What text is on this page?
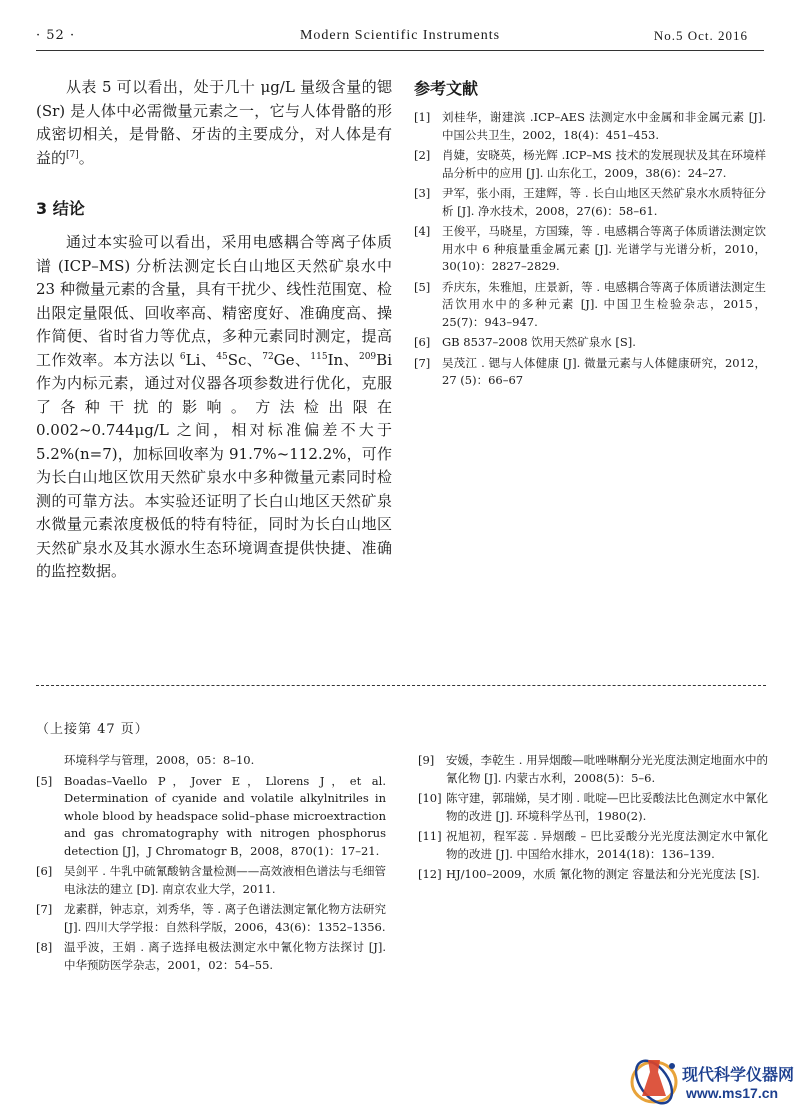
· 52 ·	Modern Scientific Instruments	No.5 Oct. 2016

从表 5 可以看出，处于几十 μg/L 量级含量的锶(Sr) 是人体中必需微量元素之一，它与人体骨骼的形成密切相关，是骨骼、牙齿的主要成分，对人体是有益的[7]。

3 结论

通过本实验可以看出，采用电感耦合等离子体质谱 (ICP–MS) 分析法测定长白山地区天然矿泉水中 23 种微量元素的含量，具有干扰少、线性范围宽、检出限定量限低、回收率高、精密度好、准确度高、操作简便、省时省力等优点，多种元素同时测定，提高工作效率。本方法以 $^6$Li、$^{45}$Sc、$^{72}$Ge、$^{115}$In、$^{209}$Bi 作为内标元素，通过对仪器各项参数进行优化，克服了各种干扰的影响。方法检出限在 0.002~0.744μg/L 之间，相对标准偏差不大于 5.2%(n=7)，加标回收率为 91.7%~112.2%，可作为长白山地区饮用天然矿泉水中多种微量元素同时检测的可靠方法。本实验还证明了长白山地区天然矿泉水微量元素浓度极低的特有特征，同时为长白山地区天然矿泉水及其水源水生态环境调查提供快捷、准确的监控数据。

参考文献
[1]	刘桂华，谢建滨 .ICP–AES 法测定水中金属和非金属元素 [J]. 中国公共卫生，2002，18(4)：451–453.
[2]	肖婕，安晓英，杨光辉 .ICP–MS 技术的发展现状及其在环境样品分析中的应用 [J]. 山东化工，2009，38(6)：24–27.
[3]	尹军，张小雨，王建辉，等 . 长白山地区天然矿泉水水质特征分析 [J]. 净水技术，2008，27(6)：58–61.
[4]	王俊平，马晓星，方国臻，等 . 电感耦合等离子体质谱法测定饮用水中 6 种痕量重金属元素 [J]. 光谱学与光谱分析，2010，30(10)：2827–2829.
[5]	乔庆东，朱雅旭，庄景新，等 . 电感耦合等离子体质谱法测定生活饮用水中的多种元素 [J]. 中国卫生检验杂志，2015，25(7)：943–947.
[6]	GB 8537–2008 饮用天然矿泉水 [S].
[7]	吴茂江 . 锶与人体健康 [J]. 微量元素与人体健康研究，2012，27 (5)：66–67
（上接第 47 页）
环境科学与管理，2008，05：8–10.
[5]	Boadas–Vaello P，Jover E，Llorens J，et al. Determination of cyanide and volatile alkylnitriles in whole blood by headspace solid–phase microextraction and gas chromatography with nitrogen phosphorus detection [J]，J Chromatogr B，2008，870(1)：17–21.
[6]	吴剑平 . 牛乳中硫氰酸钠含量检测——高效液相色谱法与毛细管电泳法的建立 [D]. 南京农业大学，2011.
[7]	龙素群，钟志京，刘秀华，等 . 离子色谱法测定氰化物方法研究 [J]. 四川大学学报：自然科学版，2006，43(6)：1352–1356.
[8]	温乎波，王娟 . 离子选择电极法测定水中氰化物方法探讨 [J]. 中华预防医学杂志，2001，02：54–55.
[9]	安媛，李乾生 . 用异烟酸—吡唑啉酮分光光度法测定地面水中的氰化物 [J]. 内蒙古水利，2008(5)：5–6.
[10] 陈守建，郭瑞娣，吴才刚 . 吡啶—巴比妥酸法比色测定水中氰化物的改进 [J]. 环境科学丛刊，1980(2).
[11] 祝旭初，程军蕊 . 异烟酸 – 巴比妥酸分光光度法测定水中氰化物的改进 [J]. 中国给水排水，2014(18)：136–139.
[12] HJ/100–2009，水质 氰化物的测定 容量法和分光光度法 [S].
现代科学仪器网
www.ms17.cn
